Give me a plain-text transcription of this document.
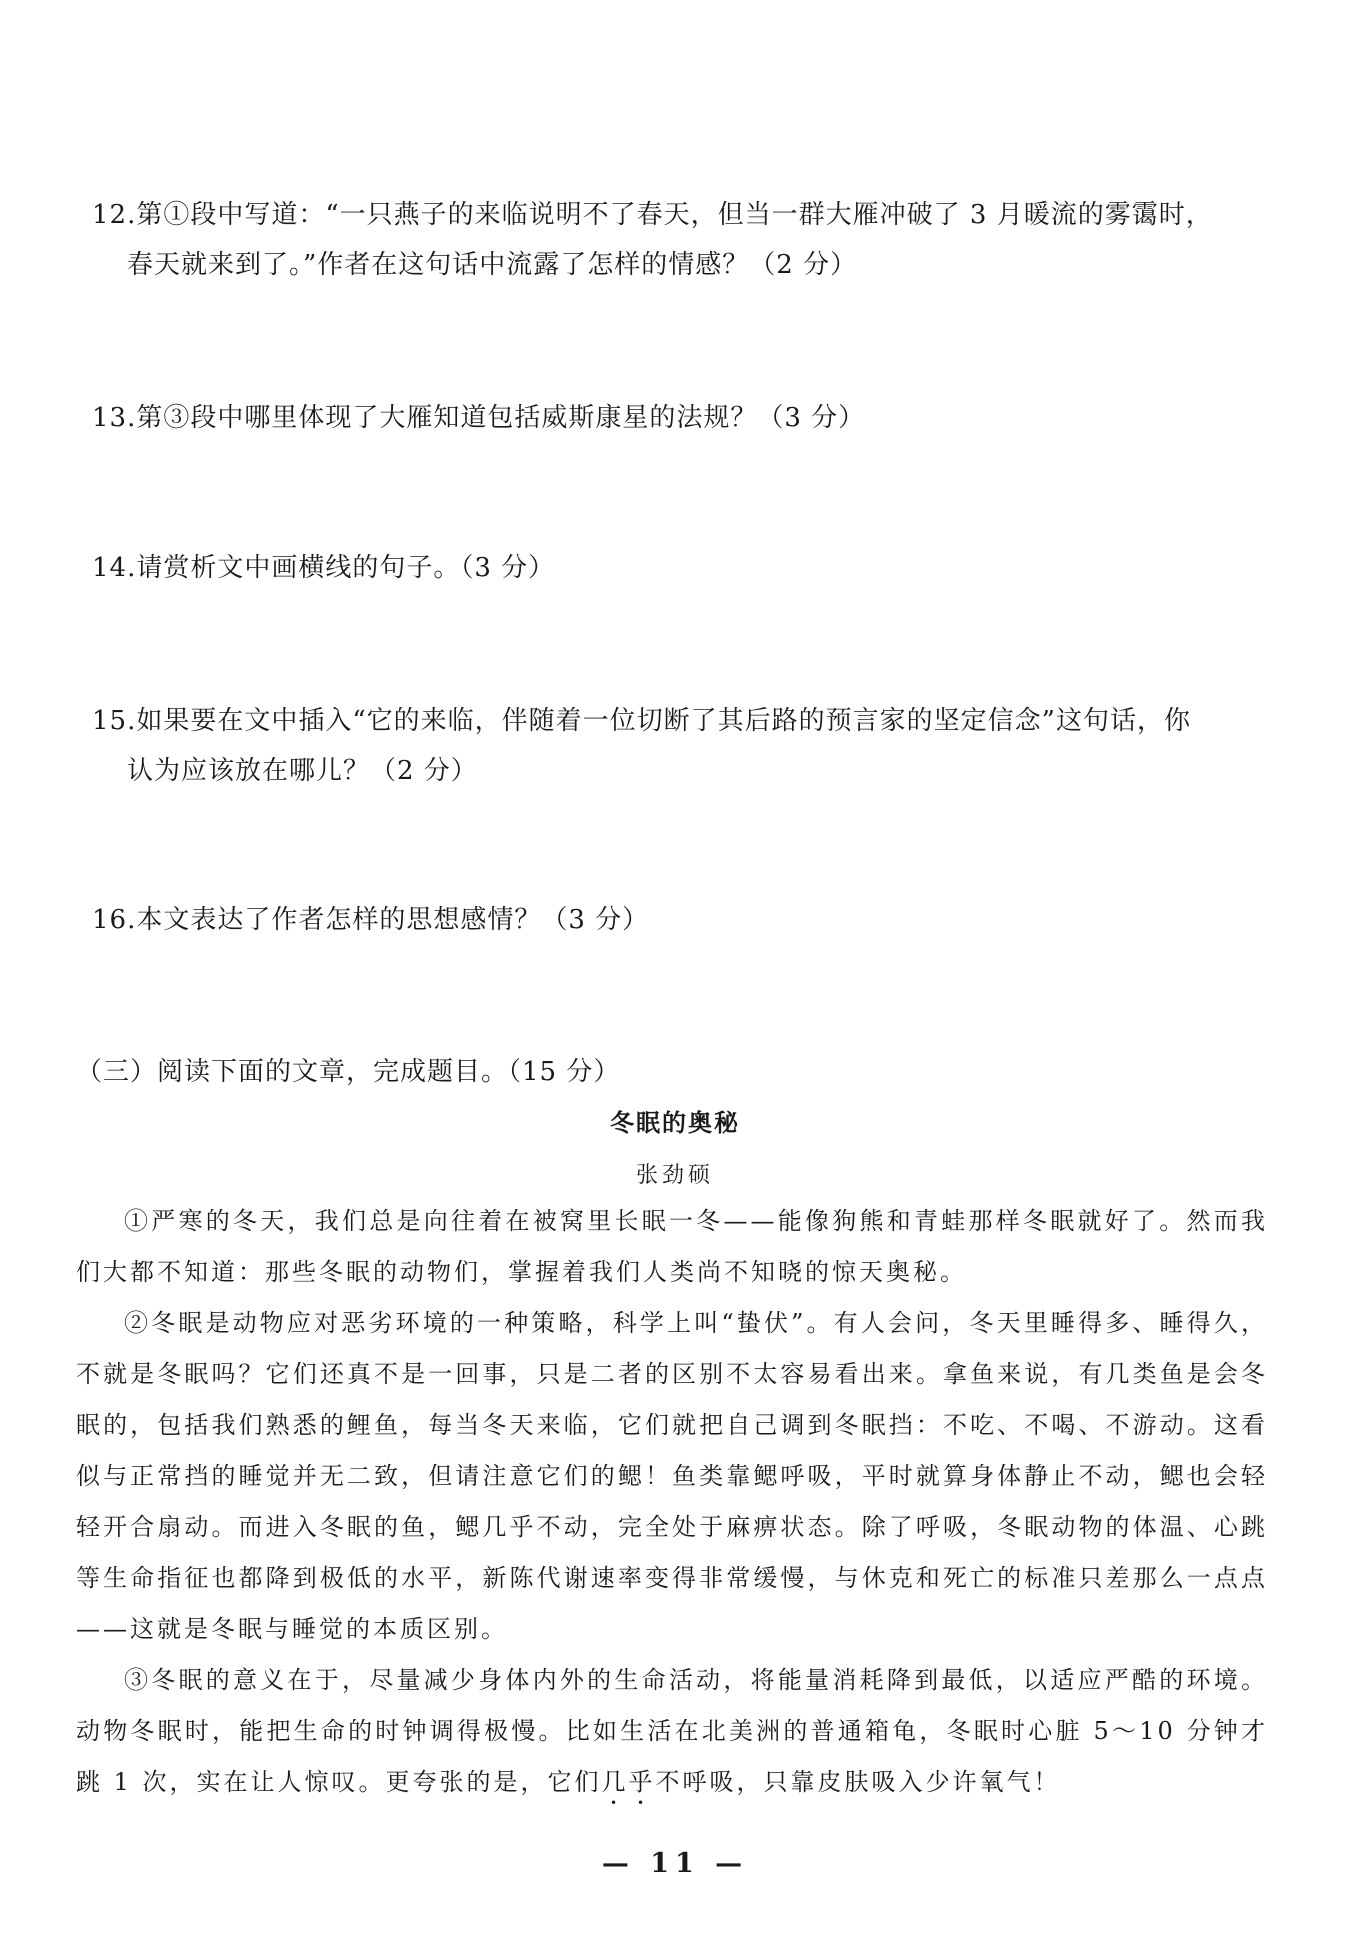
12.第①段中写道：“一只燕子的来临说明不了春天，但当一群大雁冲破了 3 月暖流的雾霭时，
春天就来到了。”作者在这句话中流露了怎样的情感？（2 分）
13.第③段中哪里体现了大雁知道包括威斯康星的法规？（3 分）
14.请赏析文中画横线的句子。（3 分）
15.如果要在文中插入“它的来临，伴随着一位切断了其后路的预言家的坚定信念”这句话，你
认为应该放在哪儿？（2 分）
16.本文表达了作者怎样的思想感情？（3 分）
（三）阅读下面的文章，完成题目。（15 分）
冬眠的奥秘
张劲硕

①严寒的冬天，我们总是向往着在被窝里长眠一冬——能像狗熊和青蛙那样冬眠就好了。然而我们大都不知道：那些冬眠的动物们，掌握着我们人类尚不知晓的惊天奥秘。

②冬眠是动物应对恶劣环境的一种策略，科学上叫“蛰伏”。有人会问，冬天里睡得多、睡得久，不就是冬眠吗？它们还真不是一回事，只是二者的区别不太容易看出来。拿鱼来说，有几类鱼是会冬眠的，包括我们熟悉的鲤鱼，每当冬天来临，它们就把自己调到冬眠挡：不吃、不喝、不游动。这看似与正常挡的睡觉并无二致，但请注意它们的鳃！鱼类靠鳃呼吸，平时就算身体静止不动，鳃也会轻轻开合扇动。而进入冬眠的鱼，鳃几乎不动，完全处于麻痹状态。除了呼吸，冬眠动物的体温、心跳等生命指征也都降到极低的水平，新陈代谢速率变得非常缓慢，与休克和死亡的标准只差那么一点点——这就是冬眠与睡觉的本质区别。

③冬眠的意义在于，尽量减少身体内外的生命活动，将能量消耗降到最低，以适应严酷的环境。动物冬眠时，能把生命的时钟调得极慢。比如生活在北美洲的普通箱龟，冬眠时心脏 5～10 分钟才跳 1 次，实在让人惊叹。更夸张的是，它们几乎不呼吸，只靠皮肤吸入少许氧气！

— 11 —
